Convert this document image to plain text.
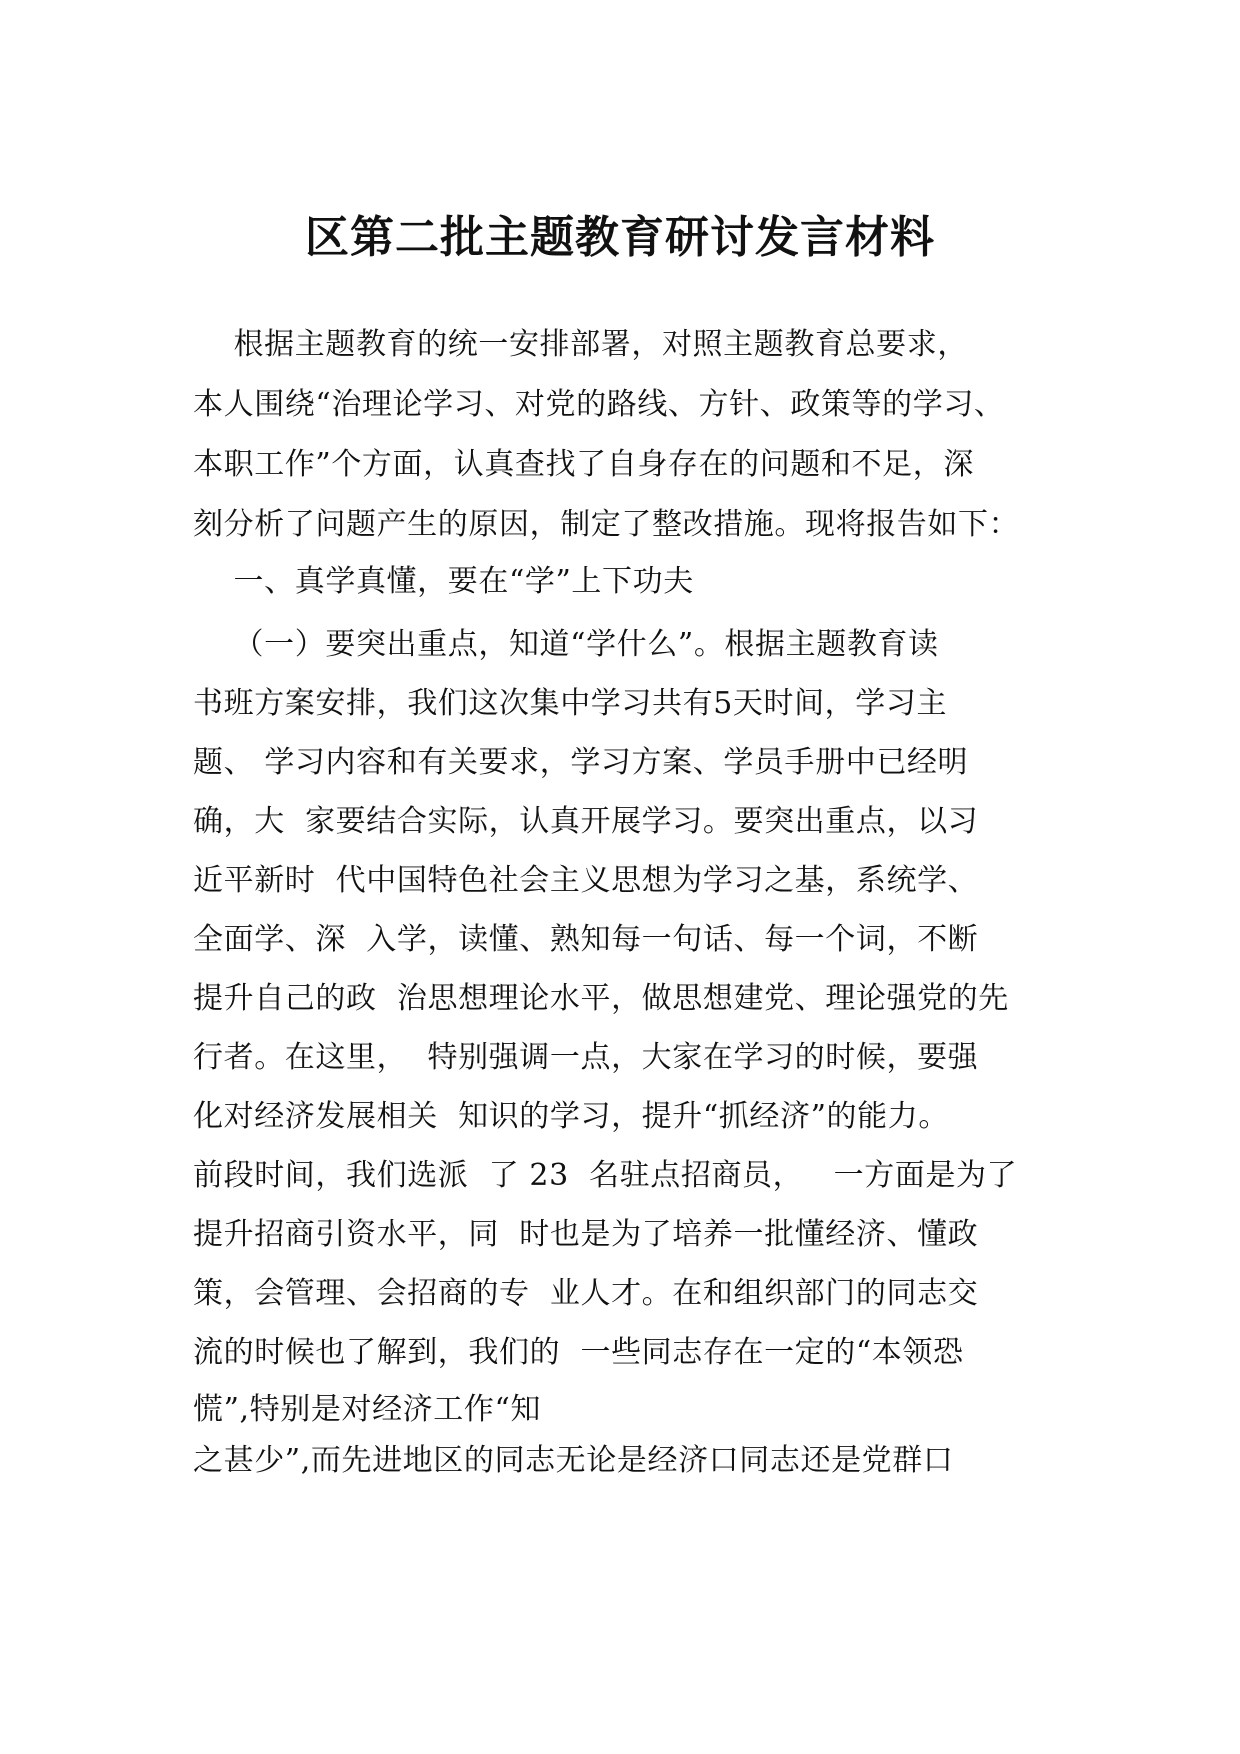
区第二批主题教育研讨发言材料
根据主题教育的统一安排部署，对照主题教育总要求，
本人围绕“治理论学习、对党的路线、方针、政策等的学习、
本职工作”个方面，认真查找了自身存在的问题和不足，深
刻分析了问题产生的原因，制定了整改措施。现将报告如下：
一、真学真懂，要在“学”上下功夫
（一）要突出重点，知道“学什么”。根据主题教育读
书班方案安排，我们这次集中学习共有5天时间，学习主
题、 学习内容和有关要求，学习方案、学员手册中已经明
确，大  家要结合实际，认真开展学习。要突出重点，以习
近平新时  代中国特色社会主义思想为学习之基，系统学、
全面学、深  入学，读懂、熟知每一句话、每一个词，不断
提升自己的政  治思想理论水平，做思想建党、理论强党的先
行者。在这里，  特别强调一点，大家在学习的时候，要强
化对经济发展相关  知识的学习，提升“抓经济”的能力。
前段时间，我们选派  了 23  名驻点招商员，   一方面是为了
提升招商引资水平，同  时也是为了培养一批懂经济、懂政
策，会管理、会招商的专  业人才。在和组织部门的同志交
流的时候也了解到，我们的  一些同志存在一定的“本领恐
慌”,特别是对经济工作“知
之甚少”,而先进地区的同志无论是经济口同志还是党群口
